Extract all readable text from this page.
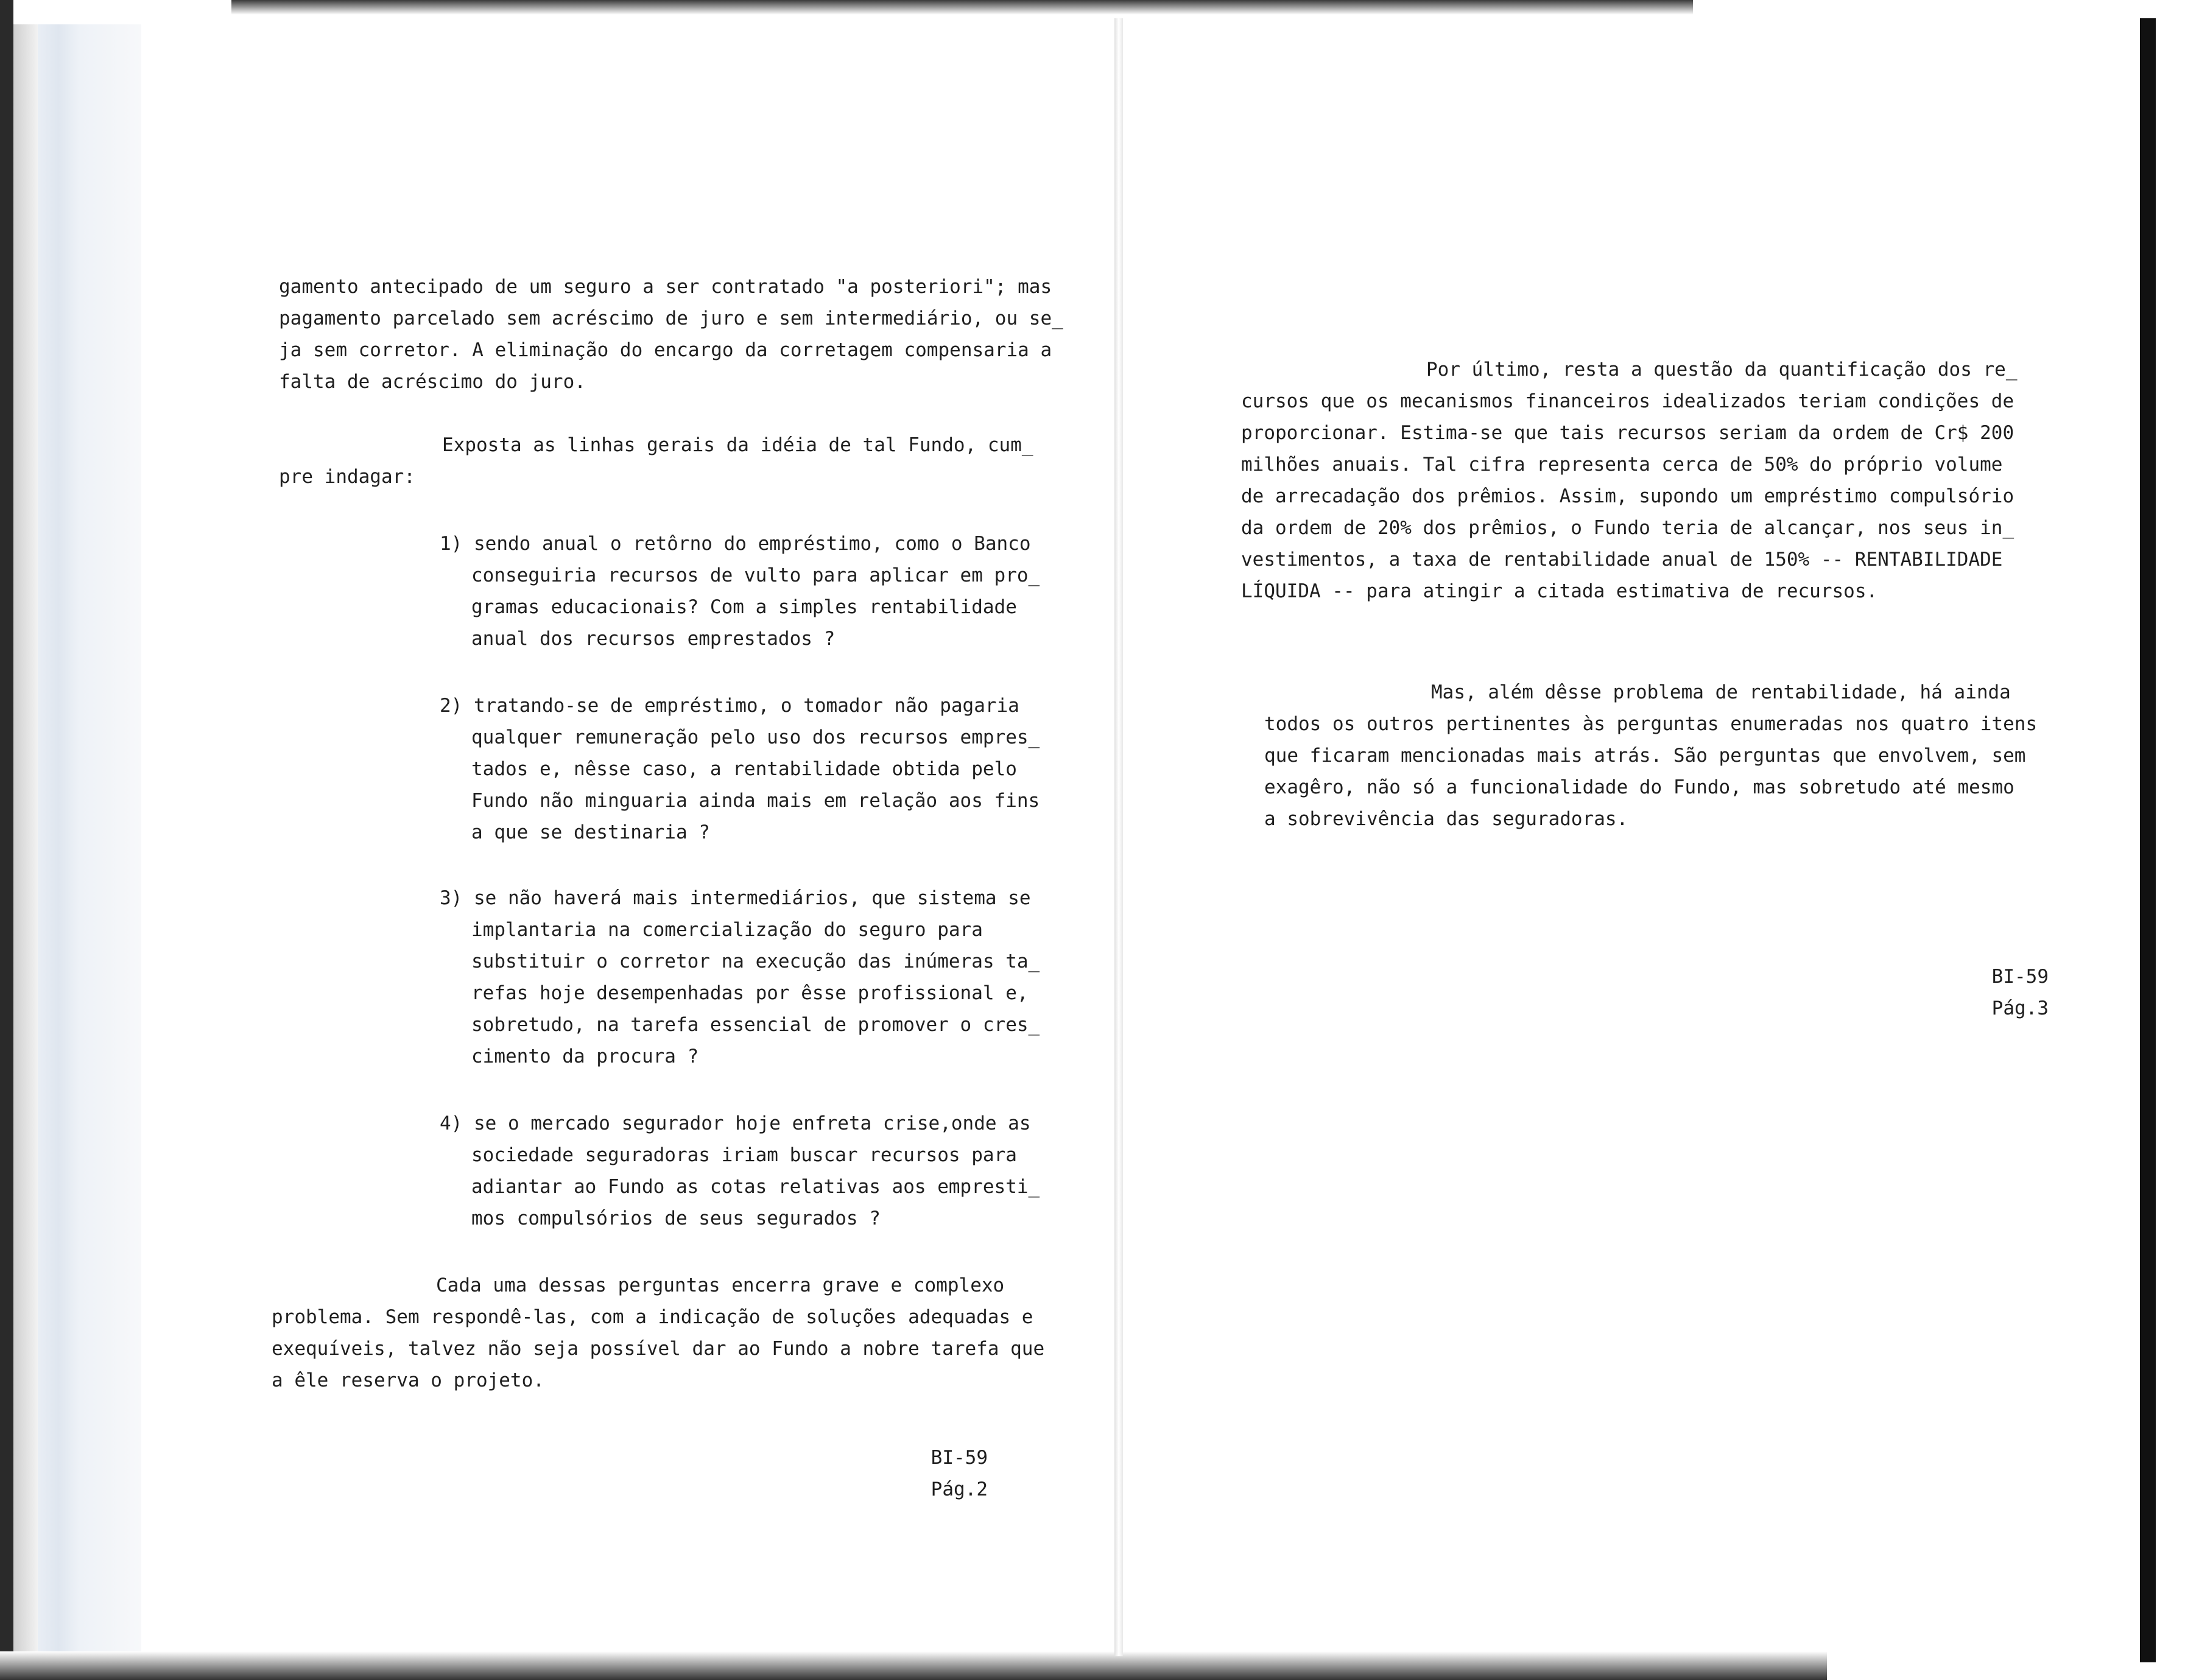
gamento antecipado de um seguro a ser contratado "a posteriori"; mas
pagamento parcelado sem acréscimo de juro e sem intermediário, ou se_
ja sem corretor. A eliminação do encargo da corretagem compensaria a
falta de acréscimo do juro.
Exposta as linhas gerais da idéia de tal Fundo, cum_
pre indagar:
1) sendo anual o retôrno do empréstimo, como o Banco
conseguiria recursos de vulto para aplicar em pro_
gramas educacionais? Com a simples rentabilidade
anual dos recursos emprestados ?
2) tratando-se de empréstimo, o tomador não pagaria
qualquer remuneração pelo uso dos recursos empres_
tados e, nêsse caso, a rentabilidade obtida pelo
Fundo não minguaria ainda mais em relação aos fins
a que se destinaria ?
3) se não haverá mais intermediários, que sistema se
implantaria na comercialização do seguro para
substituir o corretor na execução das inúmeras ta_
refas hoje desempenhadas por êsse profissional e,
sobretudo, na tarefa essencial de promover o cres_
cimento da procura ?
4) se o mercado segurador hoje enfreta crise,onde as
sociedade seguradoras iriam buscar recursos para
adiantar ao Fundo as cotas relativas aos empresti_
mos compulsórios de seus segurados ?
Cada uma dessas perguntas encerra grave e complexo
problema. Sem respondê-las, com a indicação de soluções adequadas e
exequíveis, talvez não seja possível dar ao Fundo a nobre tarefa que
a êle reserva o projeto.
BI-59
Pág.2
Por último, resta a questão da quantificação dos re_
cursos que os mecanismos financeiros idealizados teriam condições de
proporcionar. Estima-se que tais recursos seriam da ordem de Cr$ 200
milhões anuais. Tal cifra representa cerca de 50% do próprio volume
de arrecadação dos prêmios. Assim, supondo um empréstimo compulsório
da ordem de 20% dos prêmios, o Fundo teria de alcançar, nos seus in_
vestimentos, a taxa de rentabilidade anual de 150% -- RENTABILIDADE
LÍQUIDA -- para atingir a citada estimativa de recursos.
Mas, além dêsse problema de rentabilidade, há ainda
todos os outros pertinentes às perguntas enumeradas nos quatro itens
que ficaram mencionadas mais atrás. São perguntas que envolvem, sem
exagêro, não só a funcionalidade do Fundo, mas sobretudo até mesmo
a sobrevivência das seguradoras.
BI-59
Pág.3
